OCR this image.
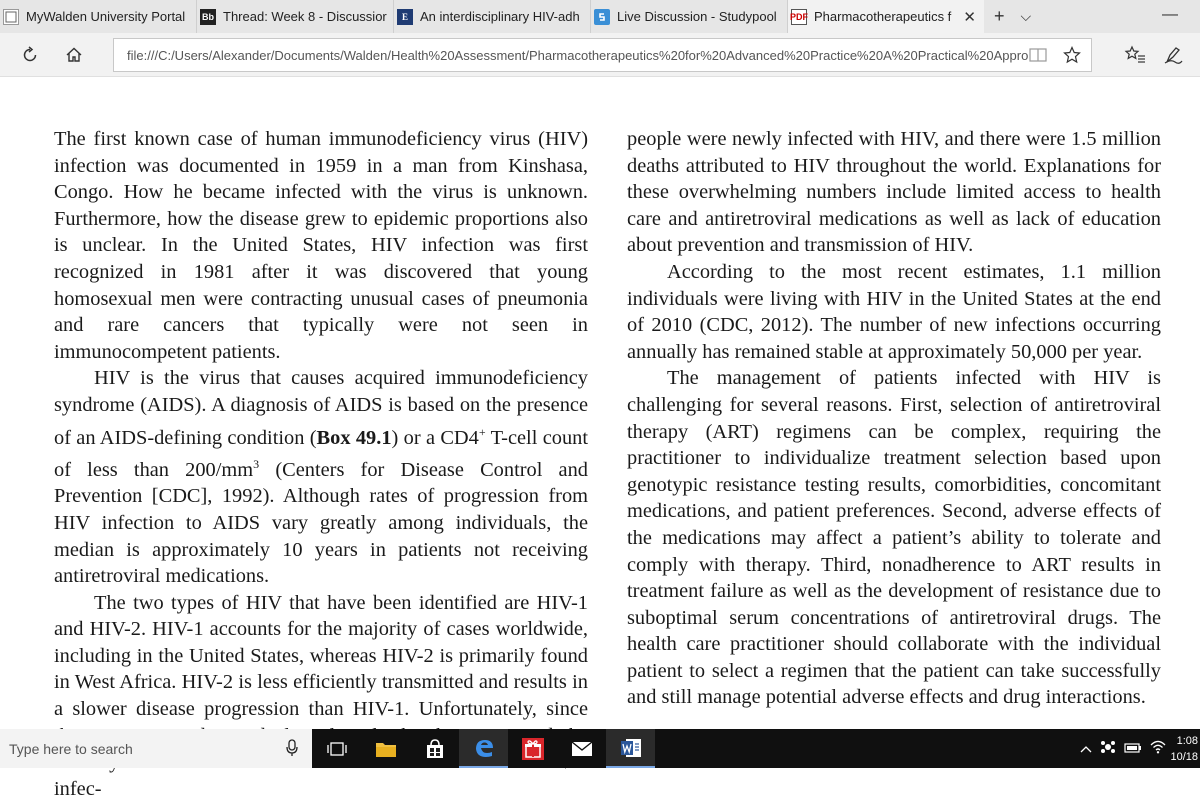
MyWalden University Portal Bb Thread: Week 8 - Discussior	E An interdisciplinary HIV-adh	Live Discussion - Studypool PDF Pharmacotherapeutics f ✕ + ⌵	—
file:///C:/Users/Alexander/Documents/Walden/Health%20Assessment/Pharmacotherapeutics%20for%20Advanced%20Practice%20A%20Practical%20Appro

The first known case of human immunodeficiency virus (HIV) infection was documented in 1959 in a man from Kinshasa, Congo. How he became infected with the virus is unknown. Furthermore, how the disease grew to epidemic proportions also is unclear. In the United States, HIV infection was first recognized in 1981 after it was discovered that young homosexual men were contracting unusual cases of pneumonia and rare cancers that typically were not seen in immunocompetent patients.

HIV is the virus that causes acquired immunodeficiency syndrome (AIDS). A diagnosis of AIDS is based on the presence of an AIDS-defining condition (Box 49.1) or a CD4+ T-cell count of less than $200/mm^3$ (Centers for Disease Control and Prevention [CDC], 1992). Although rates of progression from HIV infection to AIDS vary greatly among individuals, the median is approximately 10 years in patients not receiving antiretroviral medications.

The two types of HIV that have been identified are HIV-1 and HIV-2. HIV-1 accounts for the majority of cases worldwide, including in the United States, whereas HIV-2 is primarily found in West Africa. HIV-2 is less efficiently transmitted and results in a slower disease progression than HIV-1. Unfortunately, since infec-

people were newly infected with HIV, and there were 1.5 million deaths attributed to HIV throughout the world. Explanations for these overwhelming numbers include limited access to health care and antiretroviral medications as well as lack of education about prevention and transmission of HIV.

According to the most recent estimates, 1.1 million individuals were living with HIV in the United States at the end of 2010 (CDC, 2012). The number of new infections occurring annually has remained stable at approximately 50,000 per year.

The management of patients infected with HIV is challenging for several reasons. First, selection of antiretroviral therapy (ART) regimens can be complex, requiring the practitioner to individualize treatment selection based upon genotypic resistance testing results, comorbidities, concomitant medications, and patient preferences. Second, adverse effects of the medications may affect a patient’s ability to tolerate and comply with therapy. Third, nonadherence to ART results in treatment failure as well as the development of resistance due to suboptimal serum concentrations of antiretroviral drugs. The health care practitioner should collaborate with the individual patient to select a regimen that the patient can take successfully and still manage potential adverse effects and drug interactions.

Type here to search	1:08
10/18
